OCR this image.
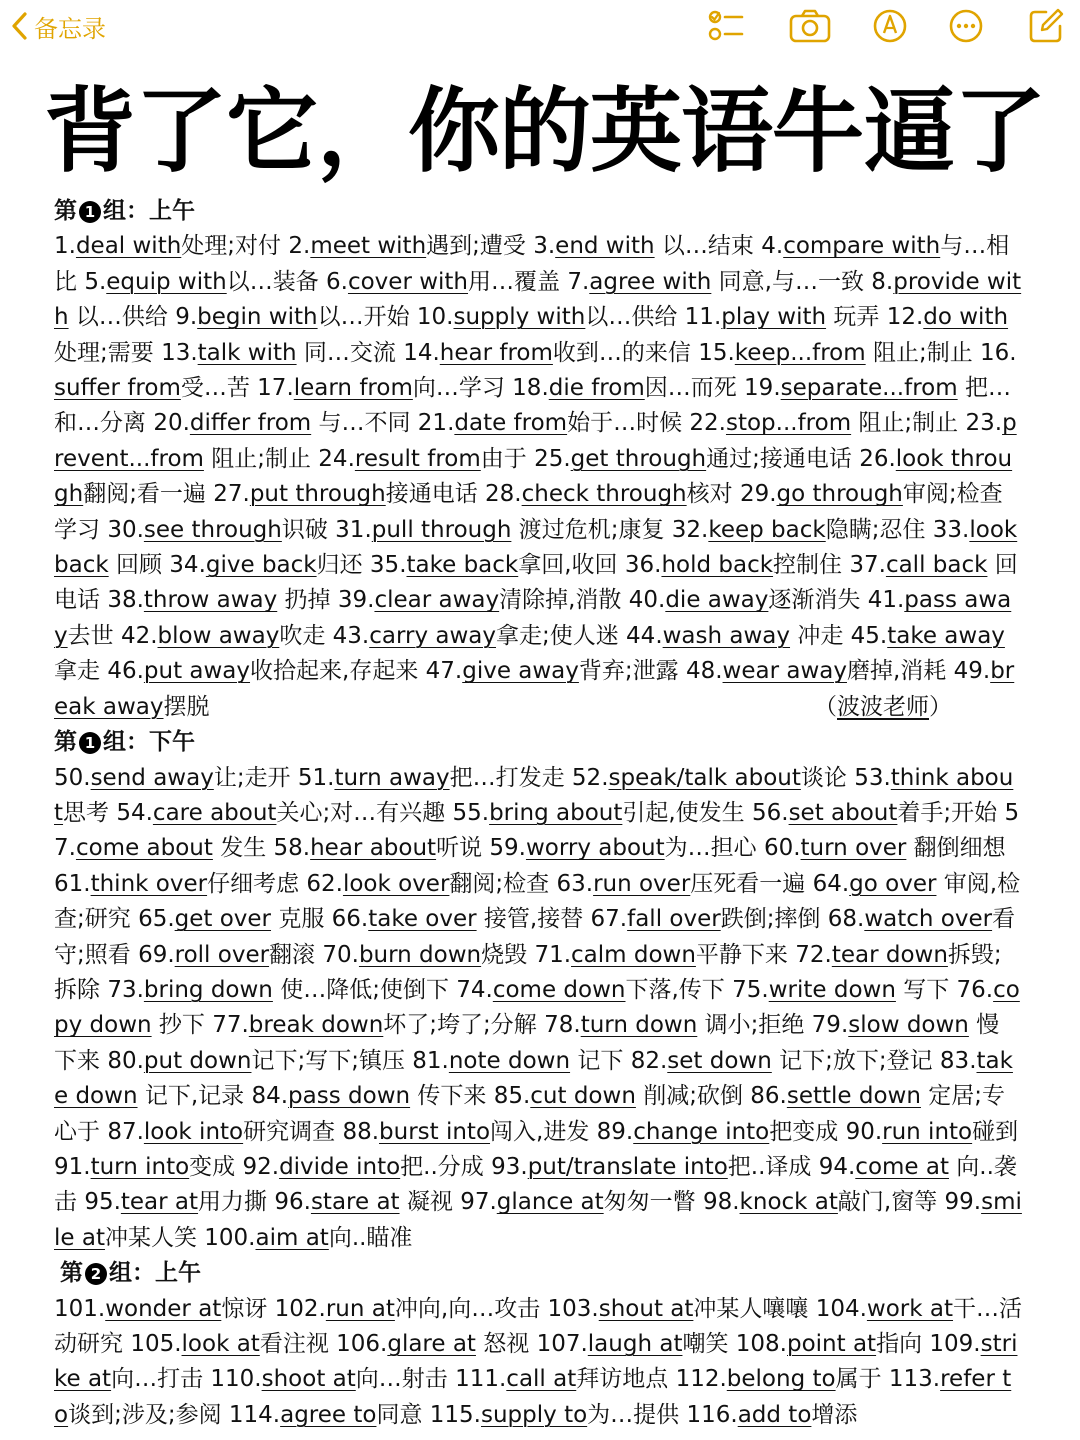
备忘录
背了它，你的英语牛逼了
第 1 组：上午

1.deal with处理;对付 2.meet with遇到;遭受 3.end with 以…结束 4.compare with与…相比 5.equip with以…装备 6.cover with用…覆盖 7.agree with 同意,与…一致 8.provide with 以…供给 9.begin with以…开始 10.supply with以…供给 11.play with 玩弄 12.do with处理;需要 13.talk with 同…交流 14.hear from收到…的来信 15.keep...from 阻止;制止 16.suffer from受…苦 17.learn from向…学习 18.die from因…而死 19.separate...from 把…和…分离 20.differ from 与…不同 21.date from始于…时候 22.stop...from 阻止;制止 23.prevent...from 阻止;制止 24.result from由于 25.get through通过;接通电话 26.look through翻阅;看一遍 27.put through接通电话 28.check through核对 29.go through审阅;检查学习 30.see through识破 31.pull through 渡过危机;康复 32.keep back隐瞒;忍住 33.look back 回顾 34.give back归还 35.take back拿回,收回 36.hold back控制住 37.call back 回电话 38.throw away 扔掉 39.clear away清除掉,消散 40.die away逐渐消失 41.pass away去世 42.blow away吹走 43.carry away拿走;使人迷 44.wash away 冲走 45.take away拿走 46.put away收拾起来,存起来 47.give away背弃;泄露 48.wear away磨掉,消耗 49.break away摆脱	（波波老师）

第 1 组：下午

50.send away让;走开 51.turn away把…打发走 52.speak/talk about谈论 53.think about思考 54.care about关心;对…有兴趣 55.bring about引起,使发生 56.set about着手;开始 57.come about 发生 58.hear about听说 59.worry about为…担心 60.turn over 翻倒细想 61.think over仔细考虑 62.look over翻阅;检查 63.run over压死看一遍 64.go over 审阅,检查;研究 65.get over 克服 66.take over 接管,接替 67.fall over跌倒;摔倒 68.watch over看守;照看 69.roll over翻滚 70.burn down烧毁 71.calm down平静下来 72.tear down拆毁;拆除 73.bring down 使…降低;使倒下 74.come down下落,传下 75.write down 写下 76.copy down 抄下 77.break down坏了;垮了;分解 78.turn down 调小;拒绝 79.slow down 慢下来 80.put down记下;写下;镇压 81.note down 记下 82.set down 记下;放下;登记 83.take down 记下,记录 84.pass down 传下来 85.cut down 削减;砍倒 86.settle down 定居;专心于 87.look into研究调查 88.burst into闯入,进发 89.change into把变成 90.run into碰到 91.turn into变成 92.divide into把..分成 93.put/translate into把..译成 94.come at 向..袭击 95.tear at用力撕 96.stare at 凝视 97.glance at匆匆一瞥 98.knock at敲门,窗等 99.smile at冲某人笑 100.aim at向..瞄准

第 2 组：上午

101.wonder at惊讶 102.run at冲向,向…攻击 103.shout at冲某人嚷嚷 104.work at干…活动研究 105.look at看注视 106.glare at 怒视 107.laugh at嘲笑 108.point at指向 109.strike at向…打击 110.shoot at向…射击 111.call at拜访地点 112.belong to属于 113.refer to谈到;涉及;参阅 114.agree to同意 115.supply to为…提供 116.add to增添
